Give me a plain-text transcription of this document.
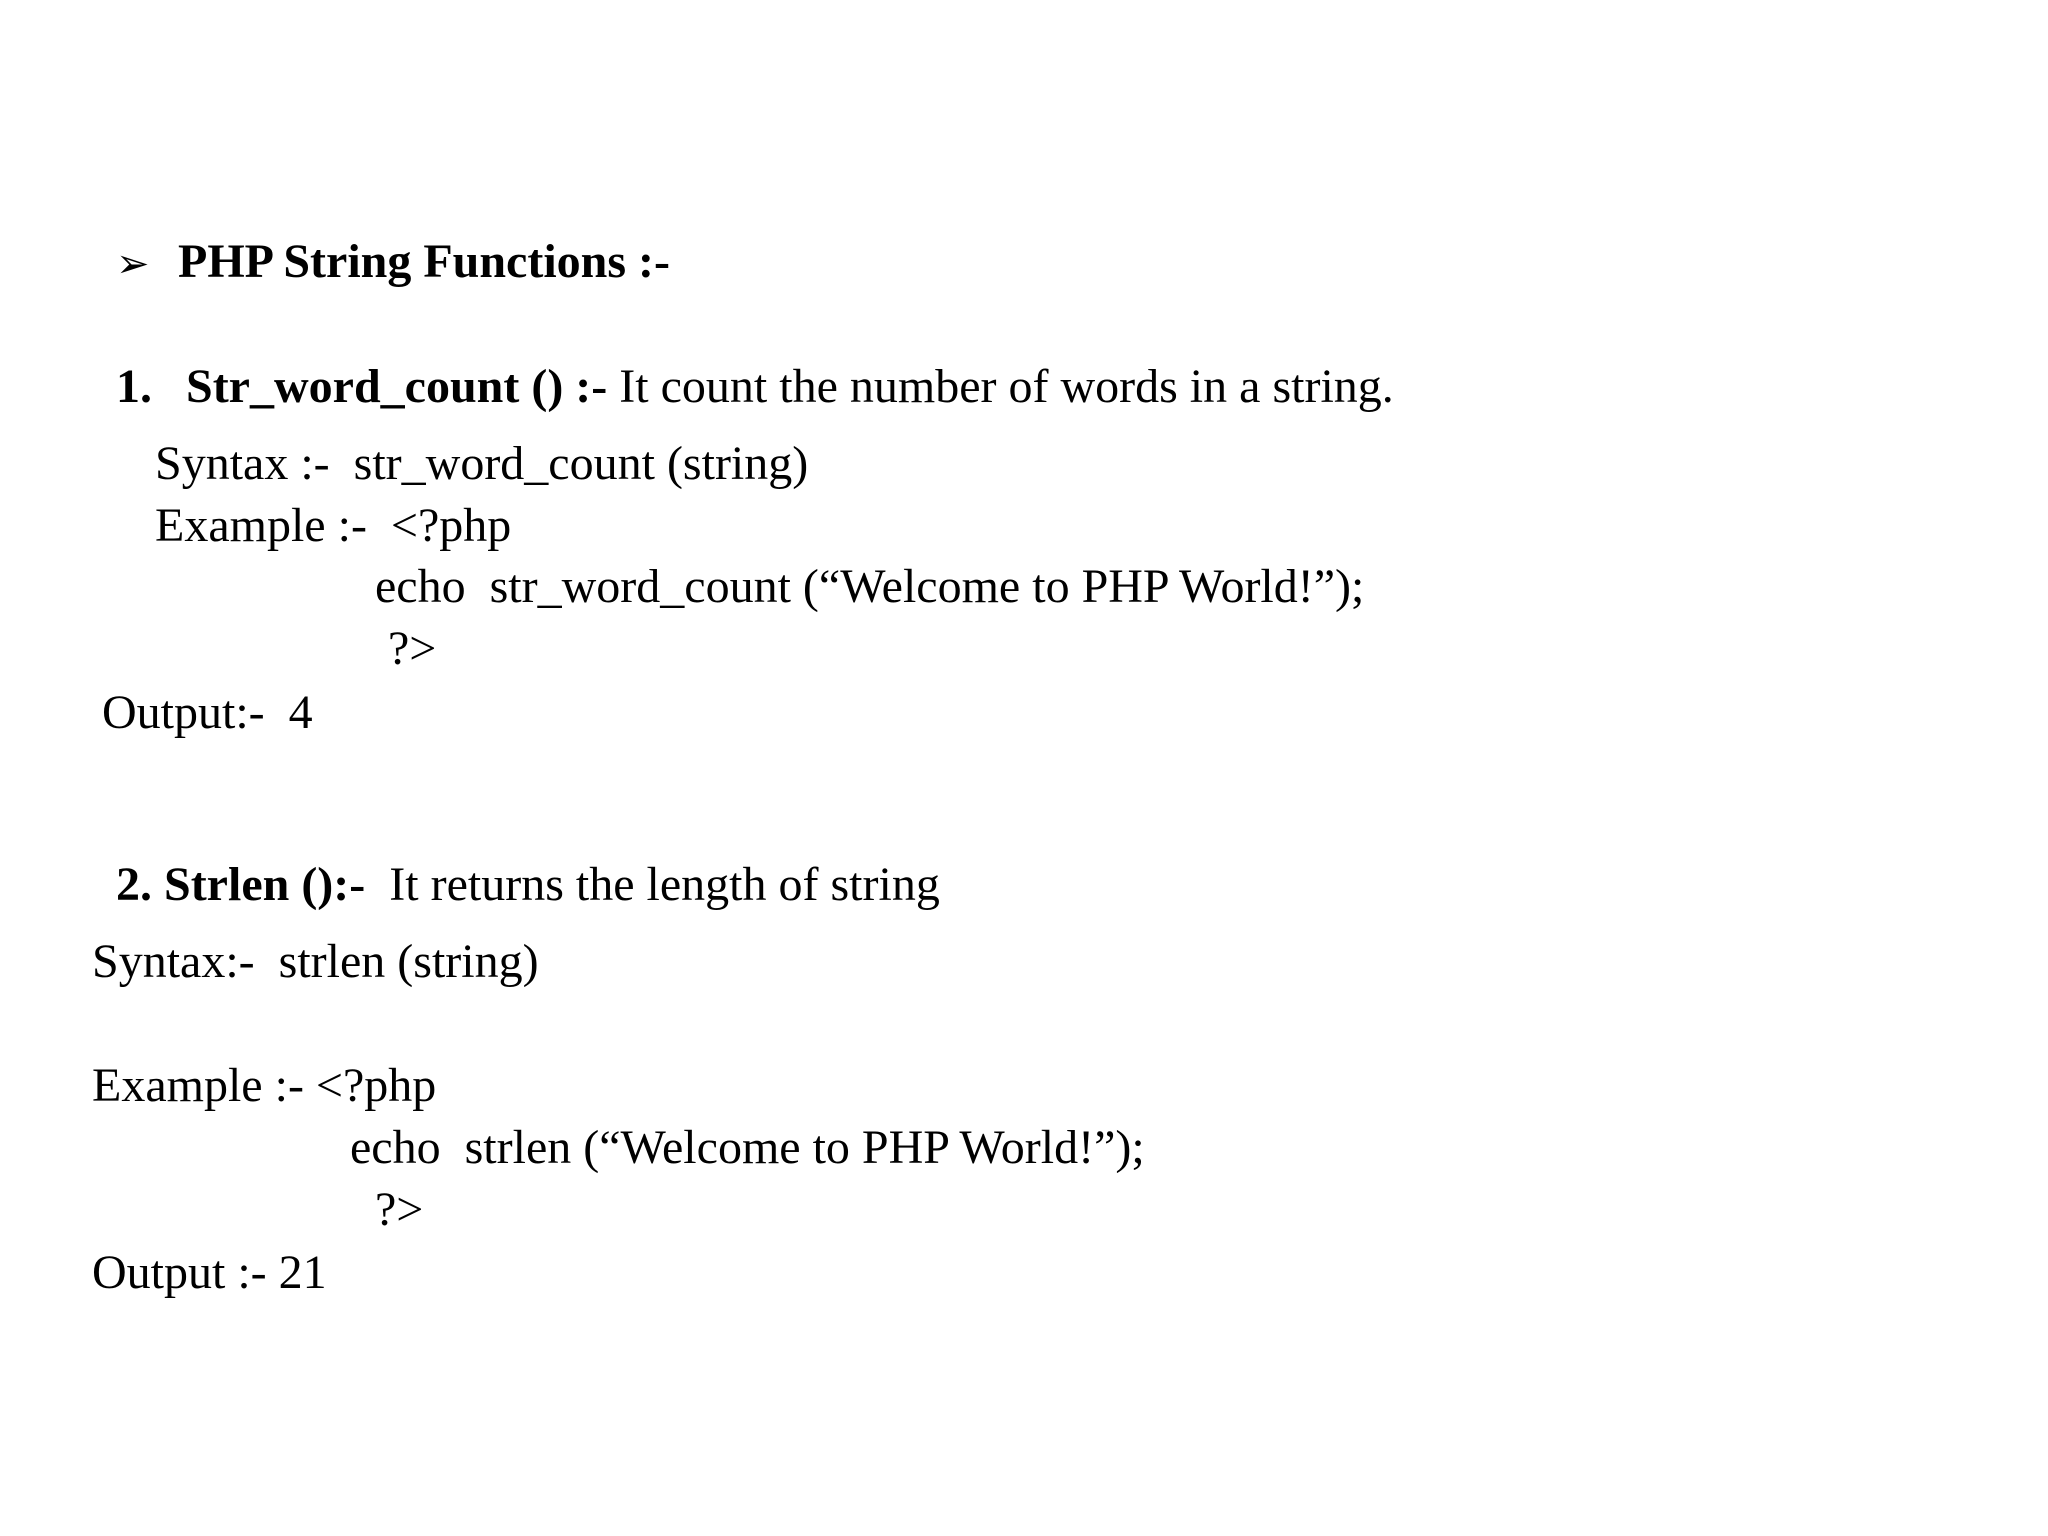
➢ PHP String Functions :-

1. Str_word_count () :- It count the number of words in a string.

Syntax :-  str_word_count (string)
Example :-  <?php
echo  str_word_count (“Welcome to PHP World!”);
?>
Output:-  4

2. Strlen ():-  It returns the length of string

Syntax:-  strlen (string)
Example :- <?php
echo  strlen (“Welcome to PHP World!”);
?>
Output :- 21
